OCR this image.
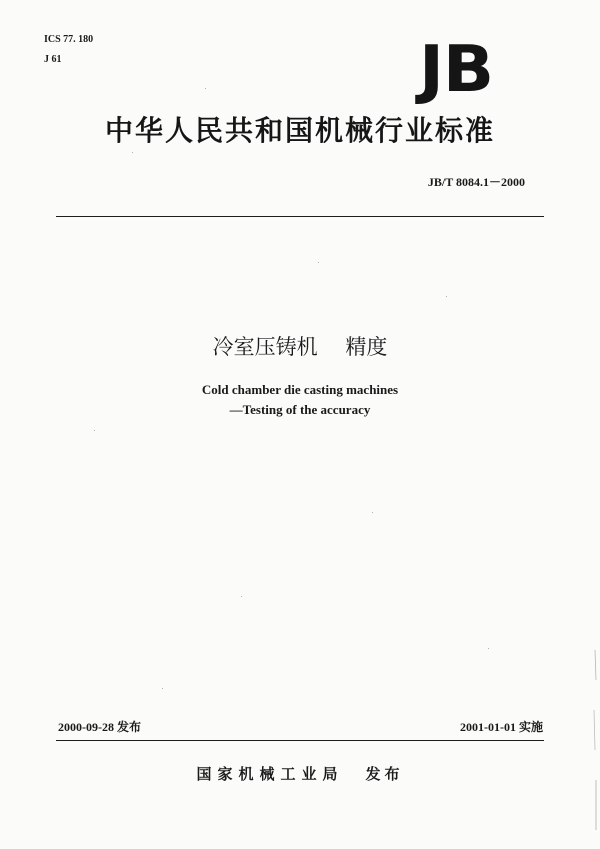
ICS 77. 180
J 61	JB
中华人民共和国机械行业标准
JB/T 8084.1－2000
冷室压铸机　 精度
Cold chamber die casting machines
—Testing of the accuracy
2000-09-28 发布	2001-01-01 实施
国家机械工业局 发布
